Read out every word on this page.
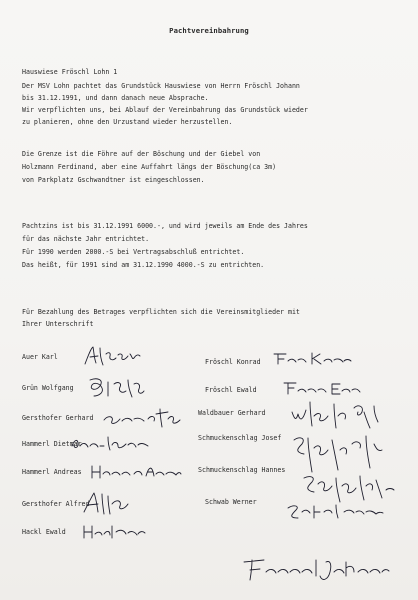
Pachtvereinbahrung
Hauswiese Fröschl Lohn 1
Der MSV Lohn pachtet das Grundstück Hauswiese von Herrn Fröschl Johann
bis 31.12.1991, und dann danach neue Absprache.
Wir verpflichten uns, bei Ablauf der Vereinbahrung das Grundstück wieder
zu planieren, ohne den Urzustand wieder herzustellen.
Die Grenze ist die Föhre auf der Böschung und der Giebel von
Holzmann Ferdinand, aber eine Auffahrt längs der Böschung(ca 3m)
von Parkplatz Gschwandtner ist eingeschlossen.
Pachtzins ist bis 31.12.1991 6000.-, und wird jeweils am Ende des Jahres
für das nächste Jahr entrichtet.
Für 1990 werden 2000.-S bei Vertragsabschluß entrichtet.
Das heißt, für 1991 sind am 31.12.1990 4000.-S zu entrichten.
Für Bezahlung des Betrages verpflichten sich die Vereinsmitglieder mit
Ihrer Unterschrift
Auer Karl
Grün Wolfgang
Gersthofer Gerhard
Hammerl Dietmar
Hammerl Andreas
Gersthofer Alfred
Hackl Ewald
Fröschl Konrad
Fröschl Ewald
Waldbauer Gerhard
Schmuckenschlag Josef
Schmuckenschlag Hannes
Schwab Werner
